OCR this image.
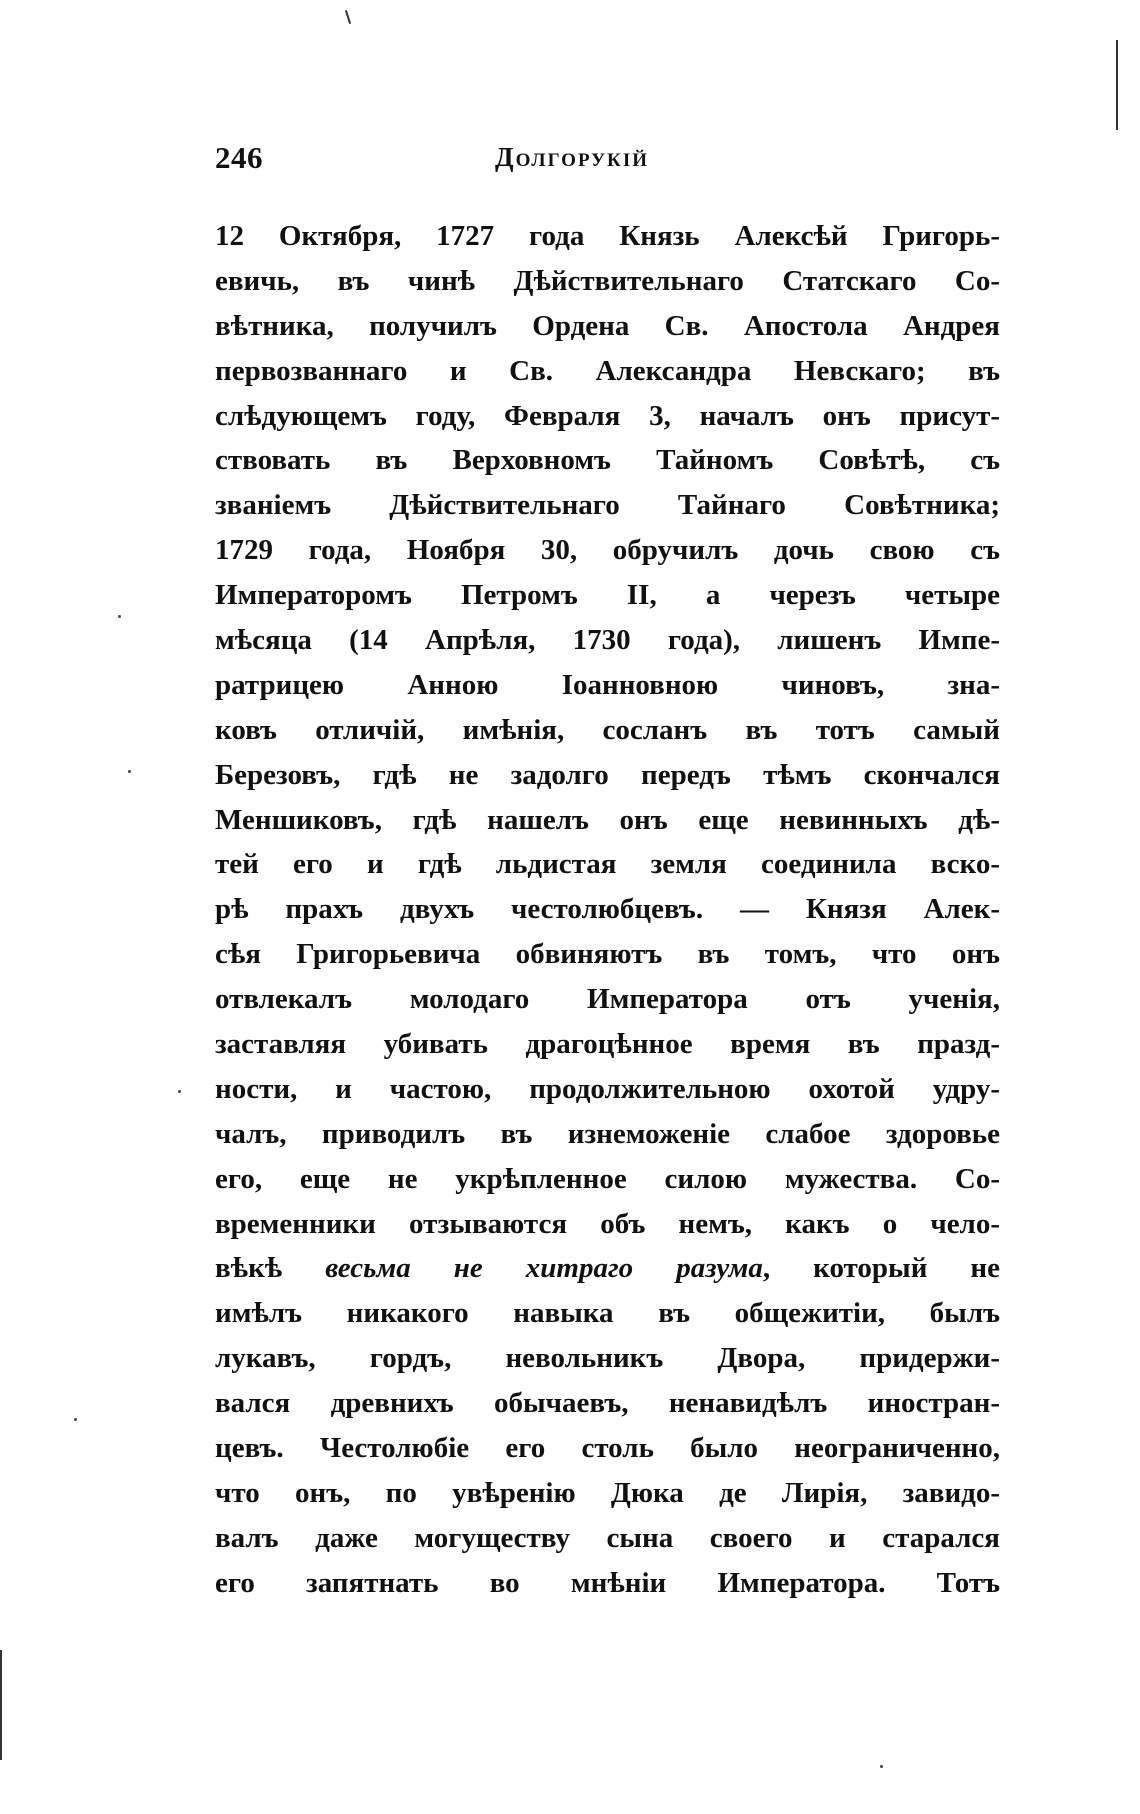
246	Долгорукій
12 Октября, 1727 года Князь Алексѣй Григорь-
евичь, въ чинѣ Дѣйствительнаго Статскаго Со-
вѣтника, получилъ Ордена Св. Апостола Андрея
первозваннаго и Св. Александра Невскаго; въ
слѣдующемъ году, Февраля 3, началъ онъ присут-
ствовать въ Верховномъ Тайномъ Совѣтѣ, съ
званіемъ Дѣйствительнаго Тайнаго Совѣтника;
1729 года, Ноября 30, обручилъ дочь свою съ
Императоромъ Петромъ II, а черезъ четыре
мѣсяца (14 Апрѣля, 1730 года), лишенъ Импе-
ратрицею Анною Іоанновною чиновъ, зна-
ковъ отличій, имѣнія, сосланъ въ тотъ самый
Березовъ, гдѣ не задолго передъ тѣмъ скончался
Меншиковъ, гдѣ нашелъ онъ еще невинныхъ дѣ-
тей его и гдѣ льдистая земля соединила вско-
рѣ прахъ двухъ честолюбцевъ. — Князя Алек-
сѣя Григорьевича обвиняютъ въ томъ, что онъ
отвлекалъ молодаго Императора отъ ученія,
заставляя убивать драгоцѣнное время въ празд-
ности, и частою, продолжительною охотой удру-
чалъ, приводилъ въ изнеможеніе слабое здоровье
его, еще не укрѣпленное силою мужества. Со-
временники отзываются объ немъ, какъ о чело-
вѣкѣ весьма не хитраго разума, который не
имѣлъ никакого навыка въ общежитіи, былъ
лукавъ, гордъ, невольникъ Двора, придержи-
вался древнихъ обычаевъ, ненавидѣлъ иностран-
цевъ. Честолюбіе его столь было неограниченно,
что онъ, по увѣренію Дюка де Лирія, завидо-
валъ даже могуществу сына своего и старался
его запятнать во мнѣніи Императора. Тотъ
